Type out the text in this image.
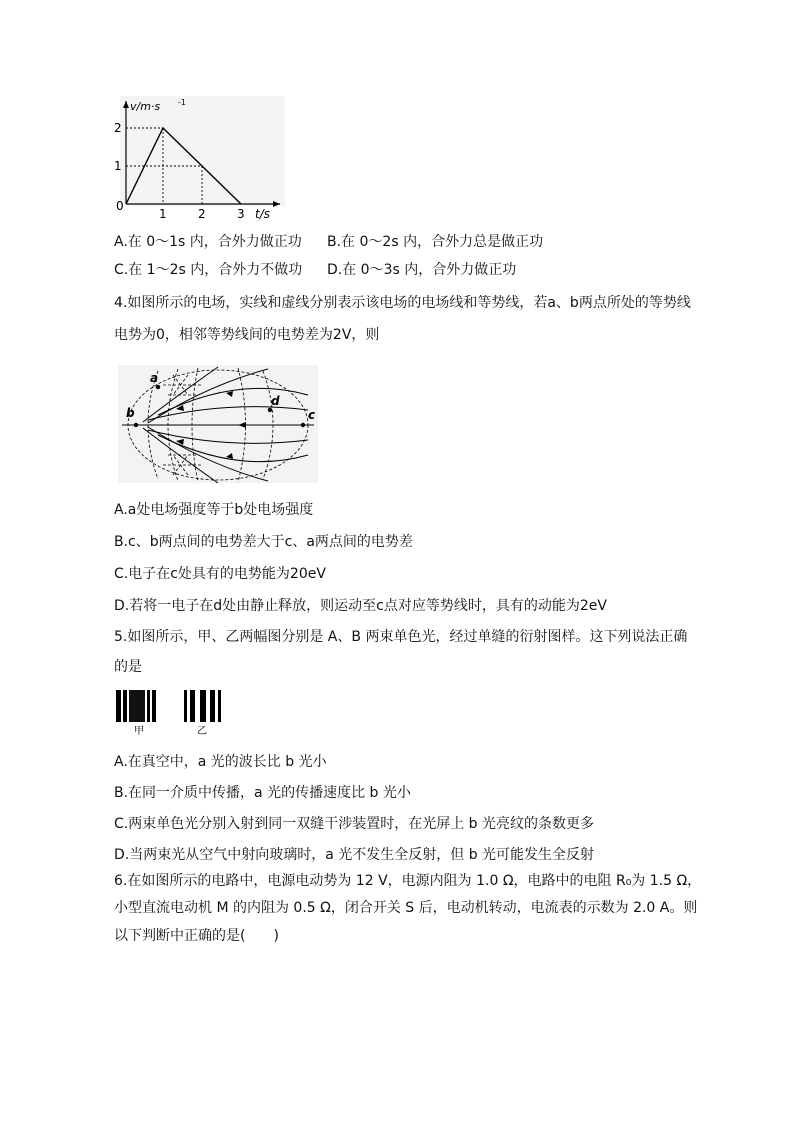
v/m·s -1
2
1
0
1	2	3 t/s
A.在 0～1s 内，合外力做正功 B.在 0～2s 内，合外力总是做正功
C.在 1～2s 内，合外力不做功 D.在 0～3s 内，合外力做正功
4.如图所示的电场，实线和虚线分别表示该电场的电场线和等势线，若a、b两点所处的等势线
电势为0，相邻等势线间的电势差为2V，则
a
b	c
d
A.a处电场强度等于b处电场强度
B.c、b两点间的电势差大于c、a两点间的电势差
C.电子在c处具有的电势能为20eV
D.若将一电子在d处由静止释放，则运动至c点对应等势线时，具有的动能为2eV
5.如图所示，甲、乙两幅图分别是 A、B 两束单色光，经过单缝的衍射图样。这下列说法正确
的是
甲	乙
A.在真空中，a 光的波长比 b 光小
B.在同一介质中传播，a 光的传播速度比 b 光小
C.两束单色光分别入射到同一双缝干涉装置时，在光屏上 b 光亮纹的条数更多
D.当两束光从空气中射向玻璃时，a 光不发生全反射，但 b 光可能发生全反射
6.在如图所示的电路中，电源电动势为 12 V，电源内阻为 1.0 Ω，电路中的电阻 R₀为 1.5 Ω，
小型直流电动机 M 的内阻为 0.5 Ω，闭合开关 S 后，电动机转动，电流表的示数为 2.0 A。则
以下判断中正确的是(　　)
